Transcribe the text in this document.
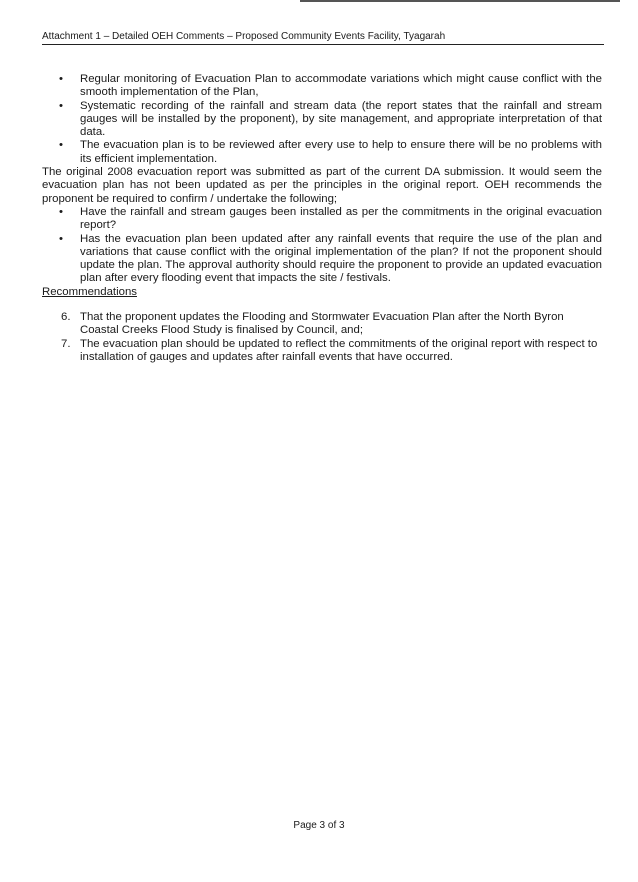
Attachment 1 – Detailed OEH Comments – Proposed Community Events Facility, Tyagarah
• Regular monitoring of Evacuation Plan to accommodate variations which might cause conflict with the smooth implementation of the Plan,
• Systematic recording of the rainfall and stream data (the report states that the rainfall and stream gauges will be installed by the proponent), by site management, and appropriate interpretation of that data.
• The evacuation plan is to be reviewed after every use to help to ensure there will be no problems with its efficient implementation.

The original 2008 evacuation report was submitted as part of the current DA submission. It would seem the evacuation plan has not been updated as per the principles in the original report. OEH recommends the proponent be required to confirm / undertake the following;

• Have the rainfall and stream gauges been installed as per the commitments in the original evacuation report?
• Has the evacuation plan been updated after any rainfall events that require the use of the plan and variations that cause conflict with the original implementation of the plan? If not the proponent should update the plan. The approval authority should require the proponent to provide an updated evacuation plan after every flooding event that impacts the site / festivals.

Recommendations

6. That the proponent updates the Flooding and Stormwater Evacuation Plan after the North Byron Coastal Creeks Flood Study is finalised by Council, and;
7. The evacuation plan should be updated to reflect the commitments of the original report with respect to installation of gauges and updates after rainfall events that have occurred.
Page 3 of 3
